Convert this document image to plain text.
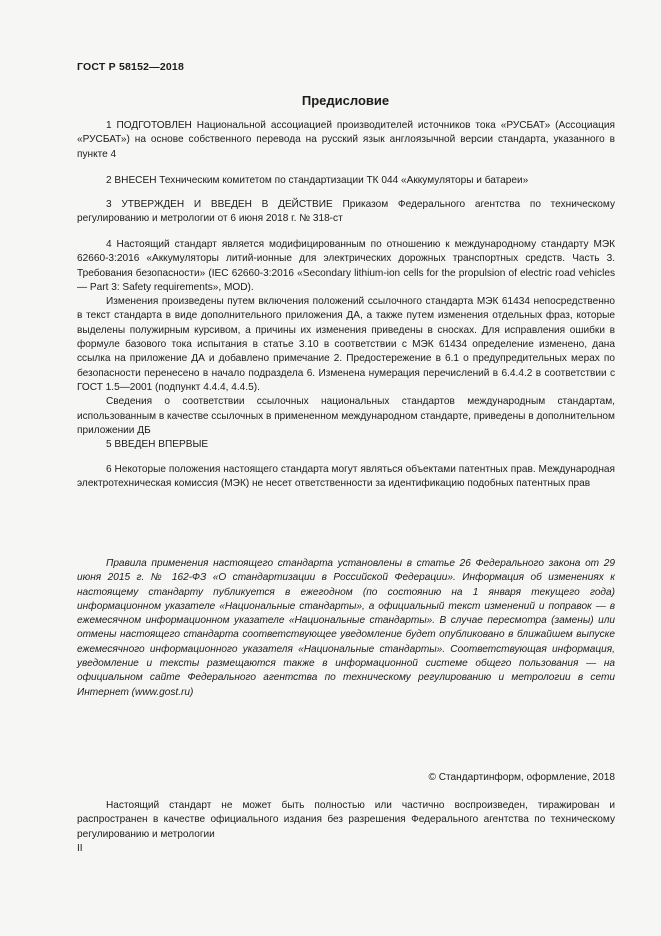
ГОСТ Р 58152—2018
Предисловие

1 ПОДГОТОВЛЕН Национальной ассоциацией производителей источников тока «РУСБАТ» (Ассоциация «РУСБАТ») на основе собственного перевода на русский язык англоязычной версии стандарта, указанного в пункте 4

2 ВНЕСЕН Техническим комитетом по стандартизации ТК 044 «Аккумуляторы и батареи»

3 УТВЕРЖДЕН И ВВЕДЕН В ДЕЙСТВИЕ Приказом Федерального агентства по техническому регулированию и метрологии от 6 июня 2018 г. № 318-ст

4 Настоящий стандарт является модифицированным по отношению к международному стандарту МЭК 62660-3:2016 «Аккумуляторы литий-ионные для электрических дорожных транспортных средств. Часть 3. Требования безопасности» (IEC 62660-3:2016 «Secondary lithium-ion cells for the propulsion of electric road vehicles — Part 3: Safety requirements», MOD).

Изменения произведены путем включения положений ссылочного стандарта МЭК 61434 непосредственно в текст стандарта в виде дополнительного приложения ДА, а также путем изменения отдельных фраз, которые выделены полужирным курсивом, а причины их изменения приведены в сносках. Для исправления ошибки в формуле базового тока испытания в статье 3.10 в соответствии с МЭК 61434 определение изменено, дана ссылка на приложение ДА и добавлено примечание 2. Предостережение в 6.1 о предупредительных мерах по безопасности перенесено в начало подраздела 6. Изменена нумерация перечислений в 6.4.4.2 в соответствии с ГОСТ 1.5—2001 (подпункт 4.4.4, 4.4.5).

Сведения о соответствии ссылочных национальных стандартов международным стандартам, использованным в качестве ссылочных в примененном международном стандарте, приведены в дополнительном приложении ДБ

5 ВВЕДЕН ВПЕРВЫЕ

6 Некоторые положения настоящего стандарта могут являться объектами патентных прав. Международная электротехническая комиссия (МЭК) не несет ответственности за идентификацию подобных патентных прав

Правила применения настоящего стандарта установлены в статье 26 Федерального закона от 29 июня 2015 г. № 162-ФЗ «О стандартизации в Российской Федерации». Информация об изменениях к настоящему стандарту публикуется в ежегодном (по состоянию на 1 января текущего года) информационном указателе «Национальные стандарты», а официальный текст изменений и поправок — в ежемесячном информационном указателе «Национальные стандарты». В случае пересмотра (замены) или отмены настоящего стандарта соответствующее уведомление будет опубликовано в ближайшем выпуске ежемесячного информационного указателя «Национальные стандарты». Соответствующая информация, уведомление и тексты размещаются также в информационной системе общего пользования — на официальном сайте Федерального агентства по техническому регулированию и метрологии в сети Интернет (www.gost.ru)

© Стандартинформ, оформление, 2018

Настоящий стандарт не может быть полностью или частично воспроизведен, тиражирован и распространен в качестве официального издания без разрешения Федерального агентства по техническому регулированию и метрологии

II
